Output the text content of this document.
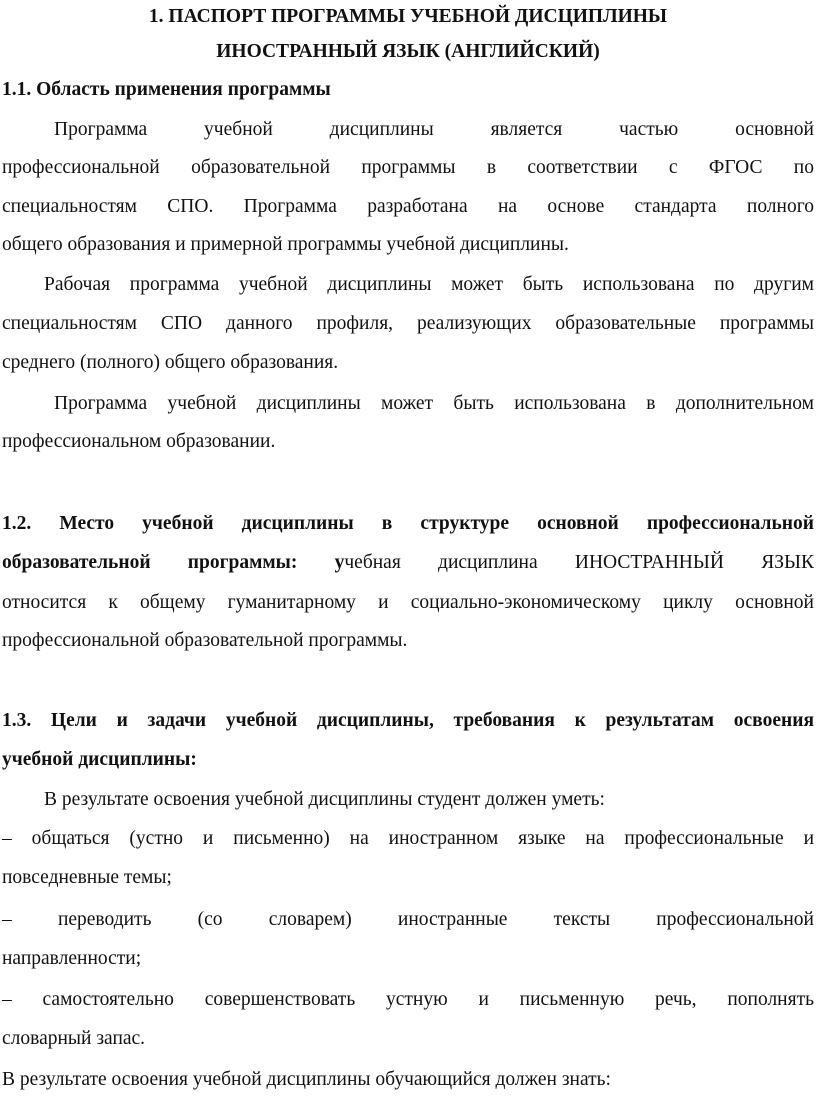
1. ПАСПОРТ ПРОГРАММЫ УЧЕБНОЙ ДИСЦИПЛИНЫ
ИНОСТРАННЫЙ ЯЗЫК (АНГЛИЙСКИЙ)
1.1. Область применения программы
Программа учебной дисциплины является частью основной
профессиональной образовательной программы в соответствии с ФГОС по
специальностям СПО. Программа разработана на основе стандарта полного
общего образования и примерной программы учебной дисциплины.
Рабочая программа учебной дисциплины может быть использована по другим
специальностям СПО данного профиля, реализующих образовательные программы
среднего (полного) общего образования.
Программа учебной дисциплины может быть использована в дополнительном
профессиональном образовании.
1.2. Место учебной дисциплины в структуре основной профессиональной
образовательной программы: учебная дисциплина ИНОСТРАННЫЙ ЯЗЫК
относится к общему гуманитарному и социально-экономическому циклу основной
профессиональной образовательной программы.
1.3. Цели и задачи учебной дисциплины, требования к результатам освоения
учебной дисциплины:
В результате освоения учебной дисциплины студент должен уметь:
– общаться (устно и письменно) на иностранном языке на профессиональные и
повседневные темы;
– переводить (со словарем) иностранные тексты профессиональной
направленности;
– самостоятельно совершенствовать устную и письменную речь, пополнять
словарный запас.
В результате освоения учебной дисциплины обучающийся должен знать:
